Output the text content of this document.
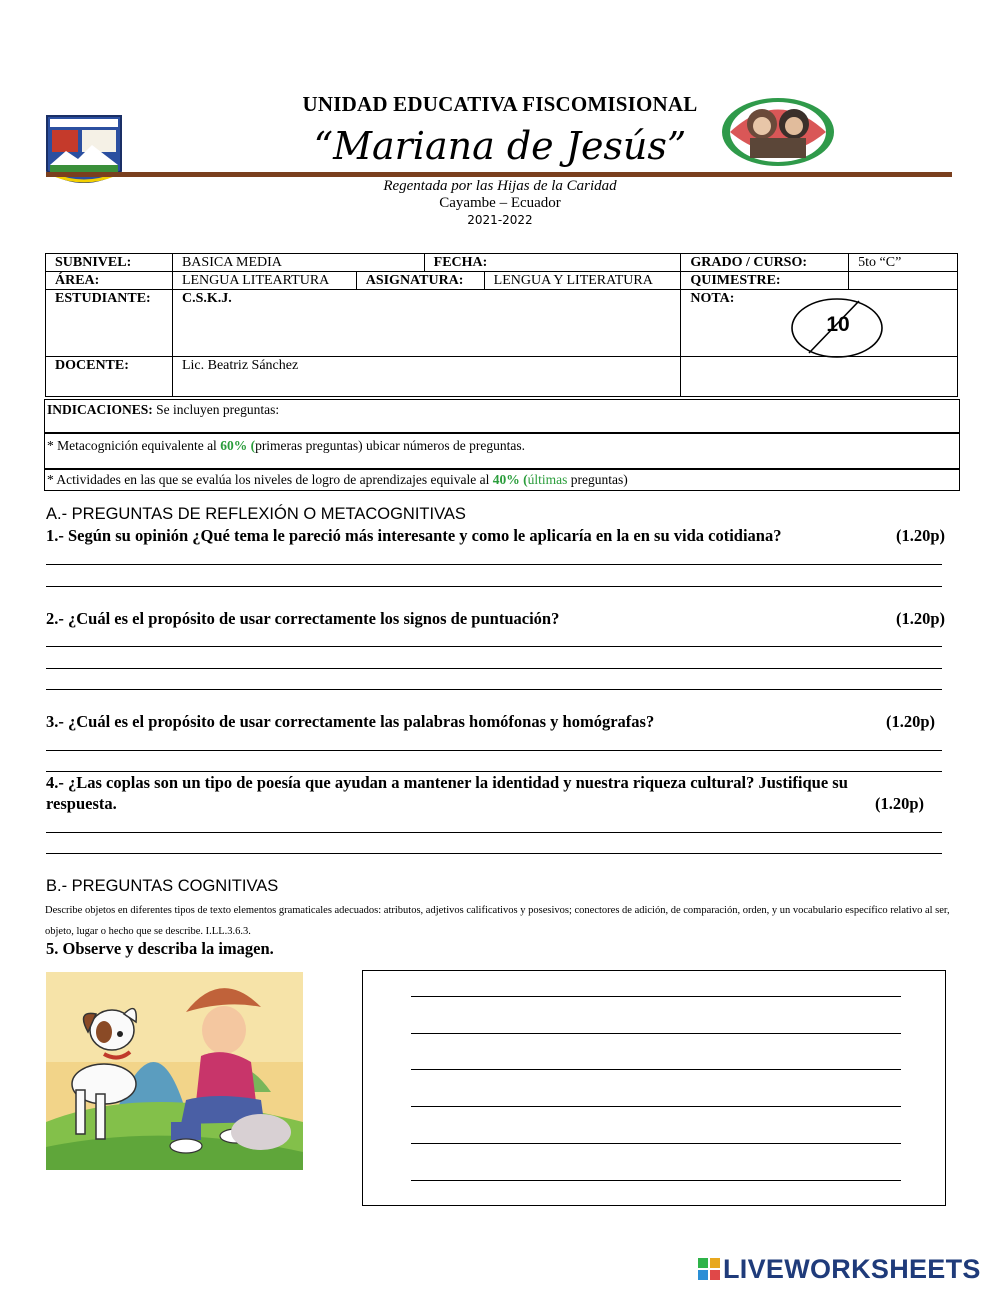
UNIDAD EDUCATIVA FISCOMISIONAL
“Mariana de Jesús”
Regentada por las Hijas de la Caridad
Cayambe – Ecuador
2021-2022
SUBNIVEL:	BASICA MEDIA		FECHA:		GRADO / CURSO:	5to “C”
ÁREA:	LENGUA LITEARTURA	ASIGNATURA:		LENGUA Y LITERATURA	QUIMESTRE:	
ESTUDIANTE:	C.S.K.J.				NOTA:
10	

DOCENTE:	Lic. Beatriz Sánchez					
INDICACIONES: Se incluyen preguntas:
* Metacognición equivalente al 60% (primeras preguntas) ubicar números de preguntas.
* Actividades en las que se evalúa los niveles de logro de aprendizajes equivale al 40% (últimas preguntas)
A.- PREGUNTAS DE REFLEXIÓN O METACOGNITIVAS
1.- Según su opinión ¿Qué tema le pareció más interesante y como le aplicaría en la en su vida cotidiana?	(1.20p)
2.- ¿Cuál es el propósito de usar correctamente los signos de puntuación?	(1.20p)
3.- ¿Cuál es el propósito de usar correctamente las palabras homófonas y homógrafas?	(1.20p)
4.- ¿Las coplas son un tipo de poesía que ayudan a mantener la identidad y nuestra riqueza cultural? Justifique su
respuesta.	(1.20p)
B.- PREGUNTAS COGNITIVAS
Describe objetos en diferentes tipos de texto elementos gramaticales adecuados: atributos, adjetivos calificativos y posesivos; conectores de adición, de comparación, orden, y un vocabulario específico relativo al ser, objeto, lugar o hecho que se describe. I.LL.3.6.3.
5. Observe y describa la imagen.
LIVEWORKSHEETS
